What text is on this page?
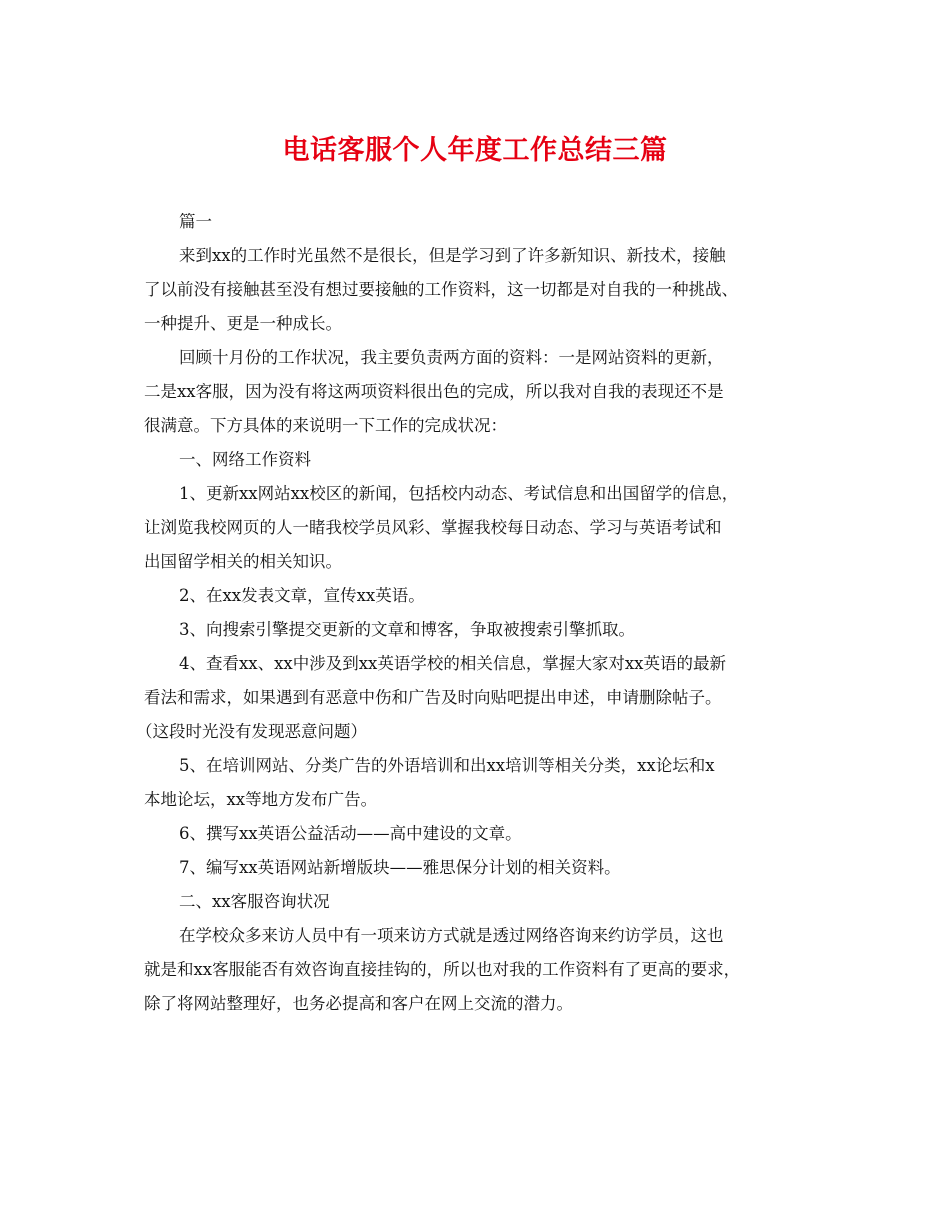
电话客服个人年度工作总结三篇
篇一
来到xx的工作时光虽然不是很长，但是学习到了许多新知识、新技术，接触
了以前没有接触甚至没有想过要接触的工作资料，这一切都是对自我的一种挑战、
一种提升、更是一种成长。
回顾十月份的工作状况，我主要负责两方面的资料：一是网站资料的更新，
二是xx客服，因为没有将这两项资料很出色的完成，所以我对自我的表现还不是
很满意。下方具体的来说明一下工作的完成状况：
一、网络工作资料
1、更新xx网站xx校区的新闻，包括校内动态、考试信息和出国留学的信息，
让浏览我校网页的人一睹我校学员风彩、掌握我校每日动态、学习与英语考试和
出国留学相关的相关知识。
2、在xx发表文章，宣传xx英语。
3、向搜索引擎提交更新的文章和博客，争取被搜索引擎抓取。
4、查看xx、xx中涉及到xx英语学校的相关信息，掌握大家对xx英语的最新
看法和需求，如果遇到有恶意中伤和广告及时向贴吧提出申述，申请删除帖子。
（这段时光没有发现恶意问题）
5、在培训网站、分类广告的外语培训和出xx培训等相关分类，xx论坛和x
本地论坛，xx等地方发布广告。
6、撰写xx英语公益活动——高中建设的文章。
7、编写xx英语网站新增版块——雅思保分计划的相关资料。
二、xx客服咨询状况
在学校众多来访人员中有一项来访方式就是透过网络咨询来约访学员，这也
就是和xx客服能否有效咨询直接挂钩的，所以也对我的工作资料有了更高的要求，
除了将网站整理好，也务必提高和客户在网上交流的潜力。
